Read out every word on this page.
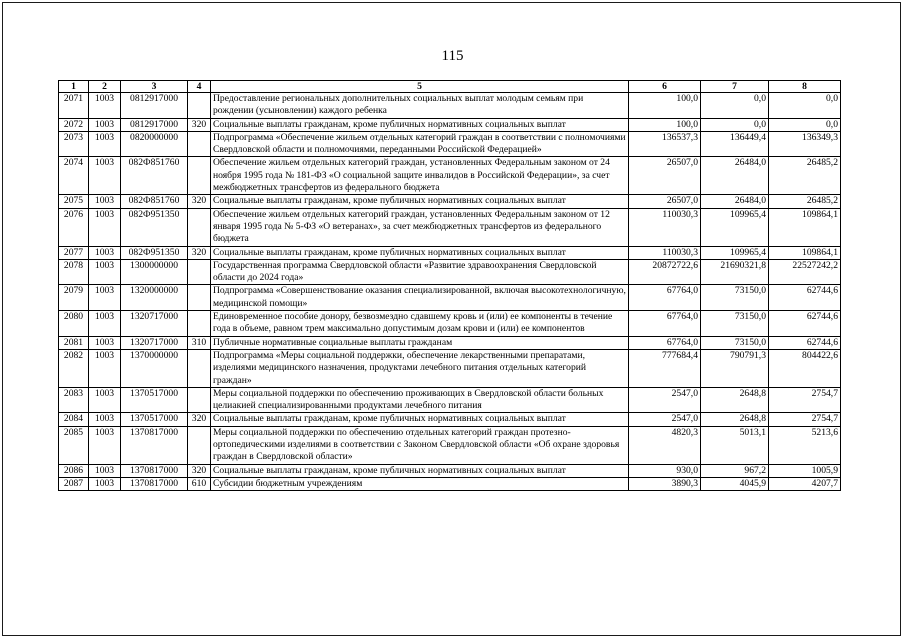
115
1	2	3	4	5	6	7	8
2071	1003	0812917000		Предоставление региональных дополнительных социальных выплат молодым семьям при рождении (усыновлении) каждого ребенка	100,0	0,0	0,0
2072	1003	0812917000	320	Социальные выплаты гражданам, кроме публичных нормативных социальных выплат	100,0	0,0	0,0
2073	1003	0820000000		Подпрограмма «Обеспечение жильем отдельных категорий граждан в соответствии с полномочиями Свердловской области и полномочиями, переданными Российской Федерацией»	136537,3	136449,4	136349,3
2074	1003	082Ф851760		Обеспечение жильем отдельных категорий граждан, установленных Федеральным законом от 24 ноября 1995 года № 181-ФЗ «О социальной защите инвалидов в Российской Федерации», за счет межбюджетных трансфертов из федерального бюджета	26507,0	26484,0	26485,2
2075	1003	082Ф851760	320	Социальные выплаты гражданам, кроме публичных нормативных социальных выплат	26507,0	26484,0	26485,2
2076	1003	082Ф951350		Обеспечение жильем отдельных категорий граждан, установленных Федеральным законом от 12 января 1995 года № 5-ФЗ «О ветеранах», за счет межбюджетных трансфертов из федерального бюджета	110030,3	109965,4	109864,1
2077	1003	082Ф951350	320	Социальные выплаты гражданам, кроме публичных нормативных социальных выплат	110030,3	109965,4	109864,1
2078	1003	1300000000		Государственная программа Свердловской области «Развитие здравоохранения Свердловской области до 2024 года»	20872722,6	21690321,8	22527242,2
2079	1003	1320000000		Подпрограмма «Совершенствование оказания специализированной, включая высокотехнологичную, медицинской помощи»	67764,0	73150,0	62744,6
2080	1003	1320717000		Единовременное пособие донору, безвозмездно сдавшему кровь и (или) ее компоненты в течение года в объеме, равном трем максимально допустимым дозам крови и (или) ее компонентов	67764,0	73150,0	62744,6
2081	1003	1320717000	310	Публичные нормативные социальные выплаты гражданам	67764,0	73150,0	62744,6
2082	1003	1370000000		Подпрограмма «Меры социальной поддержки, обеспечение лекарственными препаратами, изделиями медицинского назначения, продуктами лечебного питания отдельных категорий граждан»	777684,4	790791,3	804422,6
2083	1003	1370517000		Меры социальной поддержки по обеспечению проживающих в Свердловской области больных целиакией специализированными продуктами лечебного питания	2547,0	2648,8	2754,7
2084	1003	1370517000	320	Социальные выплаты гражданам, кроме публичных нормативных социальных выплат	2547,0	2648,8	2754,7
2085	1003	1370817000		Меры социальной поддержки по обеспечению отдельных категорий граждан протезно-ортопедическими изделиями в соответствии с Законом Свердловской области «Об охране здоровья граждан в Свердловской области»	4820,3	5013,1	5213,6
2086	1003	1370817000	320	Социальные выплаты гражданам, кроме публичных нормативных социальных выплат	930,0	967,2	1005,9
2087	1003	1370817000	610	Субсидии бюджетным учреждениям	3890,3	4045,9	4207,7
